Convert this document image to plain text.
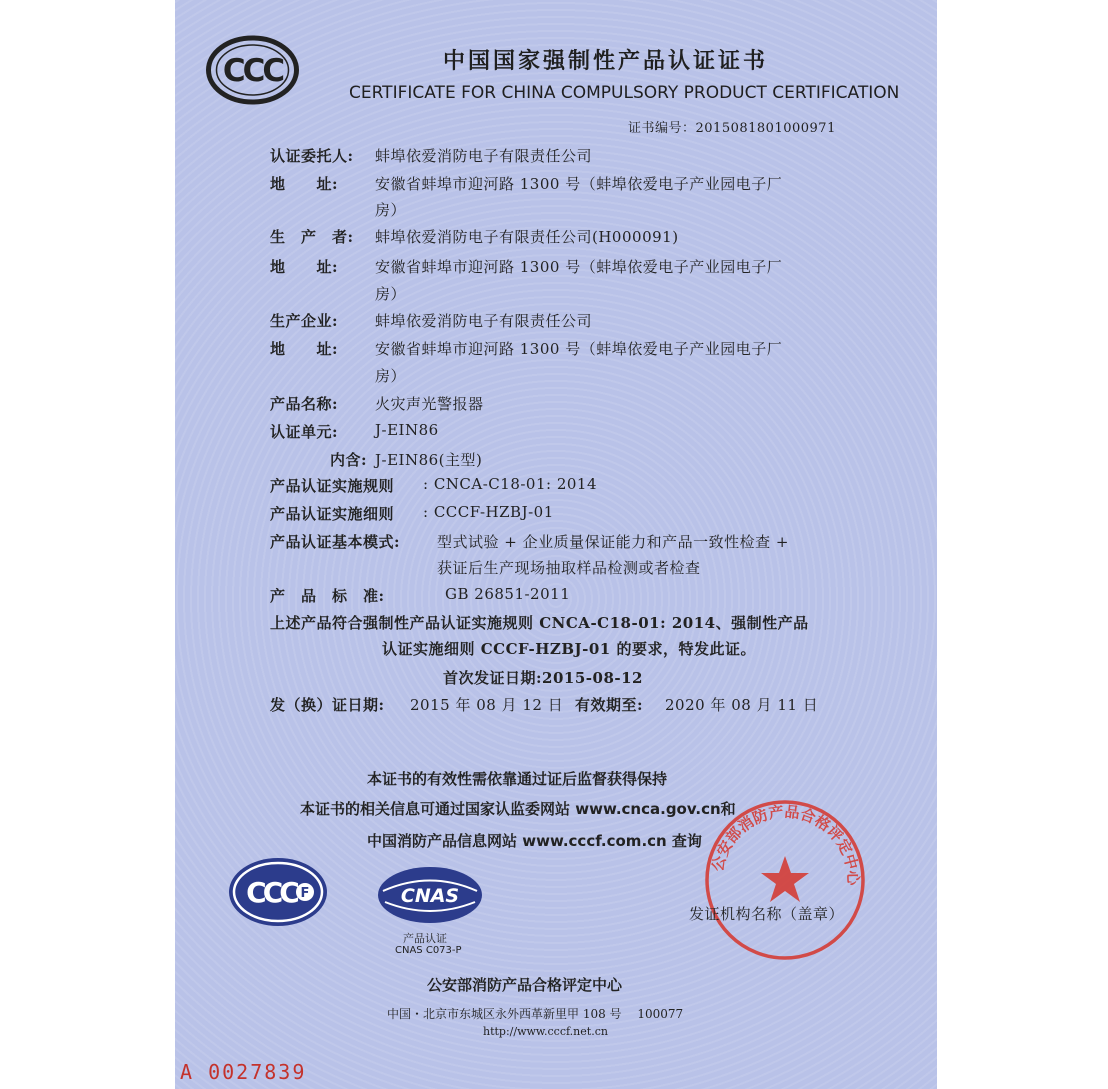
CCC	中国国家强制性产品认证证书
CERTIFICATE FOR CHINA COMPULSORY PRODUCT CERTIFICATION
证书编号：2015081801000971
认证委托人: 蚌埠依爱消防电子有限责任公司
地　　址: 安徽省蚌埠市迎河路 1300 号（蚌埠依爱电子产业园电子厂
房）
生　产　者: 蚌埠依爱消防电子有限责任公司(H000091)
地　　址: 安徽省蚌埠市迎河路 1300 号（蚌埠依爱电子产业园电子厂
房）
生产企业: 蚌埠依爱消防电子有限责任公司
地　　址: 安徽省蚌埠市迎河路 1300 号（蚌埠依爱电子产业园电子厂
房）
产品名称: 火灾声光警报器
认证单元: J-EIN86
内含: J-EIN86(主型)
产品认证实施规则 : CNCA-C18-01: 2014
产品认证实施细则 : CCCF-HZBJ-01
产品认证基本模式: 型式试验 + 企业质量保证能力和产品一致性检查 +
获证后生产现场抽取样品检测或者检查
产　品　标　准:	GB 26851-2011
上述产品符合强制性产品认证实施规则 CNCA-C18-01: 2014、强制性产品
认证实施细则 CCCF-HZBJ-01 的要求，特发此证。
首次发证日期:2015-08-12
发（换）证日期: 2015 年 08 月 12 日 有效期至: 2020 年 08 月 11 日
本证书的有效性需依靠通过证后监督获得保持
本证书的相关信息可通过国家认监委网站 www.cnca.gov.cn和
中国消防产品信息网站 www.cccf.com.cn 查询
CCC F	CNAS
产品认证
CNAS C073-P
公安部消防产品合格评定中心
发证机构名称（盖章）
公安部消防产品合格评定中心
中国・北京市东城区永外西革新里甲 108 号　 100077
http://www.cccf.net.cn
A 0027839
